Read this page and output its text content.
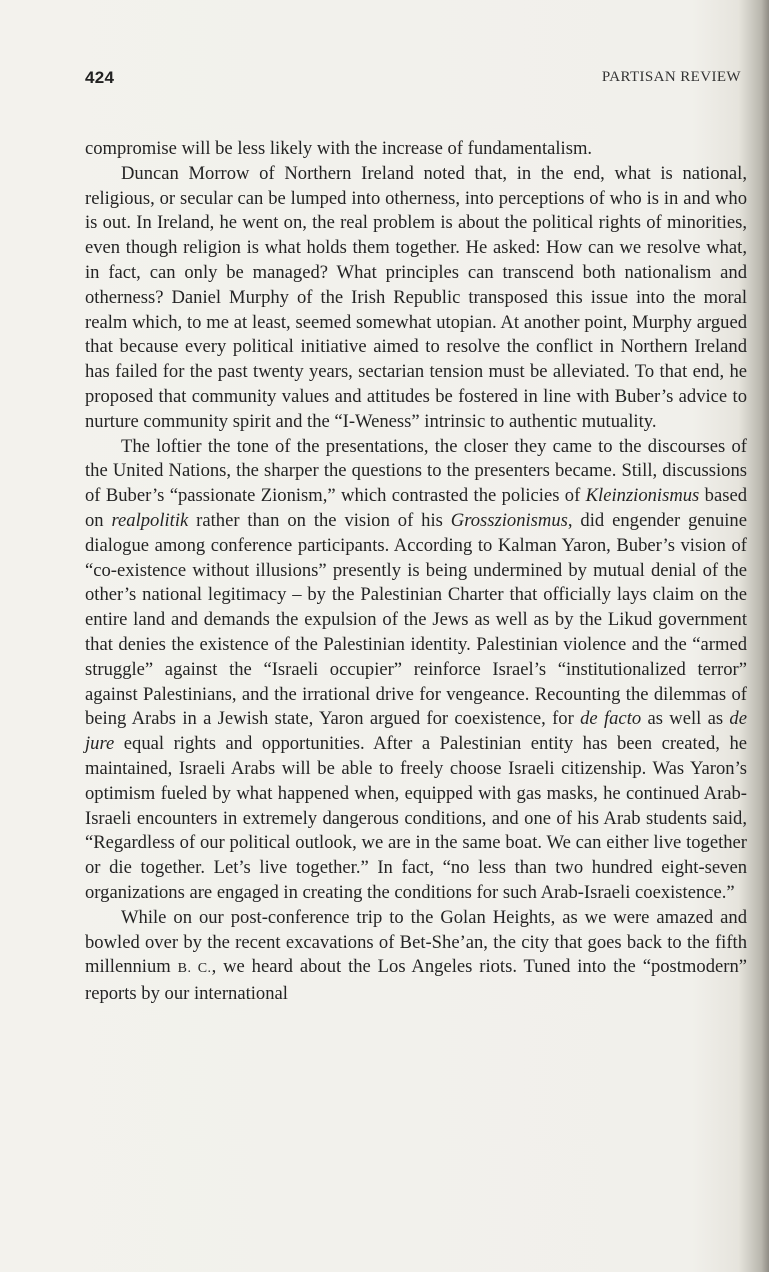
424	PARTISAN REVIEW

compromise will be less likely with the increase of fundamentalism.

Duncan Morrow of Northern Ireland noted that, in the end, what is national, religious, or secular can be lumped into otherness, into perceptions of who is in and who is out. In Ireland, he went on, the real problem is about the political rights of minorities, even though religion is what holds them together. He asked: How can we resolve what, in fact, can only be managed? What principles can transcend both nationalism and otherness? Daniel Murphy of the Irish Republic transposed this issue into the moral realm which, to me at least, seemed somewhat utopian. At another point, Murphy argued that because every political initiative aimed to resolve the conflict in Northern Ireland has failed for the past twenty years, sectarian tension must be alleviated. To that end, he proposed that community values and attitudes be fostered in line with Buber’s advice to nurture community spirit and the “I-Weness” intrinsic to authentic mutuality.

The loftier the tone of the presentations, the closer they came to the discourses of the United Nations, the sharper the questions to the presenters became. Still, discussions of Buber’s “passionate Zionism,” which contrasted the policies of Kleinzionismus based on realpolitik rather than on the vision of his Grosszionismus, did engender genuine dialogue among conference participants. According to Kalman Yaron, Buber’s vision of “co-existence without illusions” presently is being undermined by mutual denial of the other’s national legitimacy – by the Palestinian Charter that officially lays claim on the entire land and demands the expulsion of the Jews as well as by the Likud government that denies the existence of the Palestinian identity. Palestinian violence and the “armed struggle” against the “Israeli occupier” reinforce Israel’s “institutionalized terror” against Palestinians, and the irrational drive for vengeance. Recounting the dilemmas of being Arabs in a Jewish state, Yaron argued for coexistence, for de facto as well as de jure equal rights and opportunities. After a Palestinian entity has been created, he maintained, Israeli Arabs will be able to freely choose Israeli citizenship. Was Yaron’s optimism fueled by what happened when, equipped with gas masks, he continued Arab-Israeli encounters in extremely dangerous conditions, and one of his Arab students said, “Regardless of our political outlook, we are in the same boat. We can either live together or die together. Let’s live together.” In fact, “no less than two hundred eight-seven organizations are engaged in creating the conditions for such Arab-Israeli coexistence.”

While on our post-conference trip to the Golan Heights, as we were amazed and bowled over by the recent excavations of Bet-She’an, the city that goes back to the fifth millennium B. C., we heard about the Los Angeles riots. Tuned into the “postmodern” reports by our international
